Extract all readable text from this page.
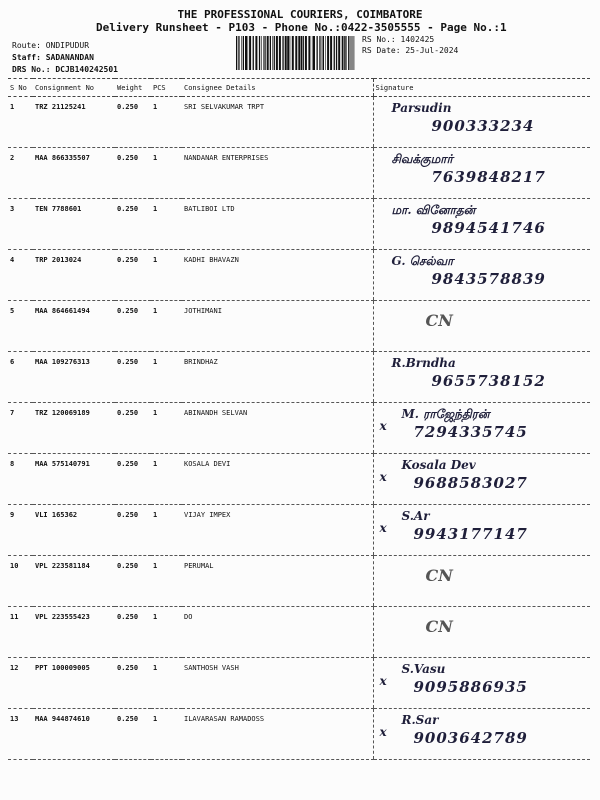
THE PROFESSIONAL COURIERS, COIMBATORE
Delivery Runsheet - P103 - Phone No.:0422-3505555 - Page No.:1
Route: ONDIPUDUR
Staff: SADANANDAN
DRS No.: DCJB140242501
RS No.: 1402425
RS Date: 25-Jul-2024
S No	Consignment No	Weight	PCS	Consignee Details	Signature
1	TRZ 21125241	0.250	1	SRI SELVAKUMAR TRPT	Parsudin
900333234

2	MAA 866335507	0.250	1	NANDANAR ENTERPRISES	சிவக்குமார்
7639848217

3	TEN 7788601	0.250	1	BATLIBOI LTD	மா. வினோதன்
9894541746

4	TRP 2013024	0.250	1	KADHI BHAVAZN	G. செல்வா
9843578839

5	MAA 864661494	0.250	1	JOTHIMANI	CN

6	MAA 109276313	0.250	1	BRINDHAZ	R.Brndha
9655738152

7	TRZ 120069189	0.250	1	ABINANDH SELVAN	x
M. ராஜேந்திரன்
7294335745

8	MAA 575140791	0.250	1	KOSALA DEVI	x
Kosala Dev
9688583027

9	VLI 165362	0.250	1	VIJAY IMPEX	x
S.Ar
9943177147

10	VPL 223581184	0.250	1	PERUMAL	CN

11	VPL 223555423	0.250	1	DO	CN

12	PPT 100009005	0.250	1	SANTHOSH VASH	x
S.Vasu
9095886935

13	MAA 944874610	0.250	1	ILAVARASAN RAMADOSS	x
R.Sar
9003642789
